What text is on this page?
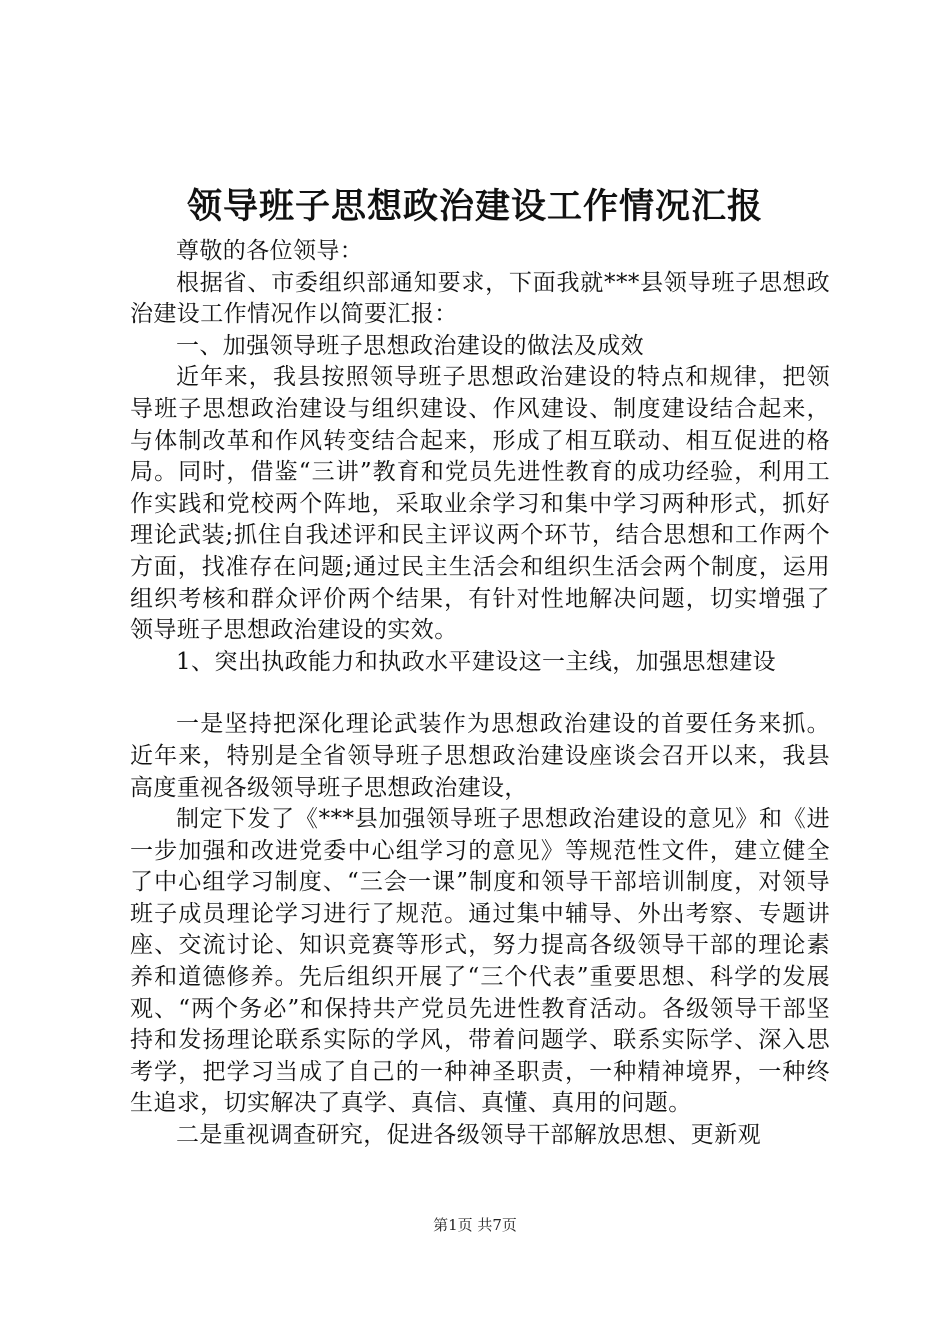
领导班子思想政治建设工作情况汇报

尊敬的各位领导：

根据省、市委组织部通知要求，下面我就***县领导班子思想政治建设工作情况作以简要汇报：

一、加强领导班子思想政治建设的做法及成效

近年来，我县按照领导班子思想政治建设的特点和规律，把领导班子思想政治建设与组织建设、作风建设、制度建设结合起来，与体制改革和作风转变结合起来，形成了相互联动、相互促进的格局。同时，借鉴“三讲”教育和党员先进性教育的成功经验，利用工作实践和党校两个阵地，采取业余学习和集中学习两种形式，抓好理论武装;抓住自我述评和民主评议两个环节，结合思想和工作两个方面，找准存在问题;通过民主生活会和组织生活会两个制度，运用组织考核和群众评价两个结果，有针对性地解决问题，切实增强了领导班子思想政治建设的实效。

1、突出执政能力和执政水平建设这一主线，加强思想建设

一是坚持把深化理论武装作为思想政治建设的首要任务来抓。近年来，特别是全省领导班子思想政治建设座谈会召开以来，我县高度重视各级领导班子思想政治建设，

制定下发了《***县加强领导班子思想政治建设的意见》和《进一步加强和改进党委中心组学习的意见》等规范性文件，建立健全了中心组学习制度、“三会一课”制度和领导干部培训制度，对领导班子成员理论学习进行了规范。通过集中辅导、外出考察、专题讲座、交流讨论、知识竞赛等形式，努力提高各级领导干部的理论素养和道德修养。先后组织开展了“三个代表”重要思想、科学的发展观、“两个务必”和保持共产党员先进性教育活动。各级领导干部坚持和发扬理论联系实际的学风，带着问题学、联系实际学、深入思考学，把学习当成了自己的一种神圣职责，一种精神境界，一种终生追求，切实解决了真学、真信、真懂、真用的问题。

二是重视调查研究，促进各级领导干部解放思想、更新观

第1页 共7页
